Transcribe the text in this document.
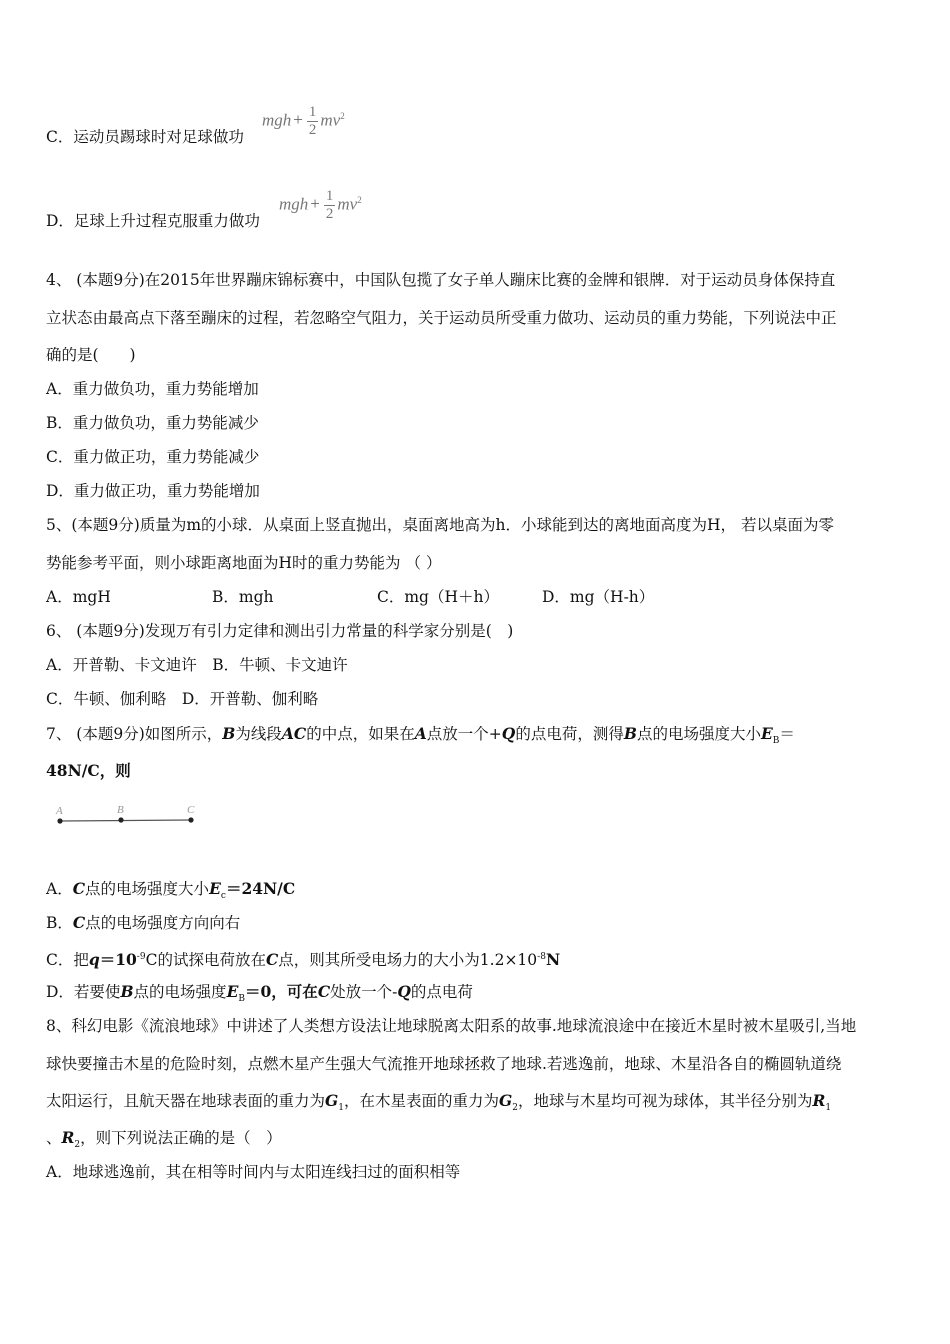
C．运动员踢球时对足球做功
mgh + $\frac{1}{2} mv^2$
D．足球上升过程克服重力做功
mgh + $\frac{1}{2} mv^2$
4、 (本题9分)在2015年世界蹦床锦标赛中，中国队包揽了女子单人蹦床比赛的金牌和银牌．对于运动员身体保持直
立状态由最高点下落至蹦床的过程，若忽略空气阻力，关于运动员所受重力做功、运动员的重力势能，下列说法中正
确的是(　　)
A．重力做负功，重力势能增加
B．重力做负功，重力势能减少
C．重力做正功，重力势能减少
D．重力做正功，重力势能增加
5、(本题9分)质量为m的小球．从桌面上竖直抛出，桌面离地高为h．小球能到达的离地面高度为H， 若以桌面为零
势能参考平面，则小球距离地面为H时的重力势能为 （ ）
A．mgH	B．mgh	C．mg（H＋h）	D．mg（H-h）
6、 (本题9分)发现万有引力定律和测出引力常量的科学家分别是(　)
A．开普勒、卡文迪许　B．牛顿、卡文迪许
C．牛顿、伽利略　D．开普勒、伽利略
7、 (本题9分)如图所示，B为线段AC的中点，如果在A点放一个+Q的点电荷，测得B点的电场强度大小$E_B=$
48N/C，则
A	B	C
A．C点的电场强度大小$E_c=24N/C$
B．C点的电场强度方向向右
C．把$q=10^{-9}C$的试探电荷放在C点，则其所受电场力的大小为$1.2\times 10^{-8}N$
D．若要使B点的电场强度$E_B=0$，可在C处放一个-Q的点电荷
8、科幻电影《流浪地球》中讲述了人类想方设法让地球脱离太阳系的故事.地球流浪途中在接近木星时被木星吸引,当地
球快要撞击木星的危险时刻，点燃木星产生强大气流推开地球拯救了地球.若逃逸前，地球、木星沿各自的椭圆轨道绕
太阳运行，且航天器在地球表面的重力为$G_1$，在木星表面的重力为$G_2$，地球与木星均可视为球体，其半径分别为$R_1$
、$R_2$，则下列说法正确的是（　）
A．地球逃逸前，其在相等时间内与太阳连线扫过的面积相等
